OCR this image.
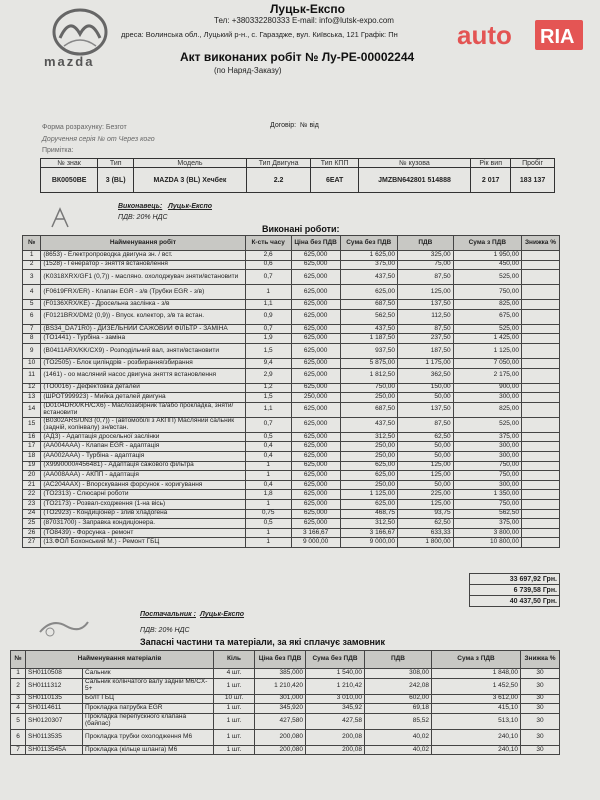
mazda
Луцьк-Експо
Тел: +380332280333 E-mail: info@lutsk-expo.com
дреса: Волинська обл., Луцький р-н., с. Гараздже, вул. Київська, 121 Графік: Пн auto RIA
Акт виконаних робіт № Лу-РЕ-00002244
(по Наряд-Заказу)
Форма розрахунку: Безгот	Договір: № від
Доручення серія № от Через кого
Примітка:
№ знак	Тип	Модель	Тип Двигуна	Тип КПП	№ кузова	Рік вип	Пробіг
ВК0050ВЕ	3 (BL)	MAZDA 3 (BL) Хечбек	2.2	6EAT	JMZBN642801 514888	2 017	183 137
Виконавець: Луцьк-Експо
ПДВ: 20% НДС
Виконані роботи:
№	Найменування робіт	К-сть часу	Ціна без ПДВ	Сума без ПДВ	ПДВ	Сума з ПДВ	Знижка %
1	(8653) - Електропроводка двигуна зн. / вст.	2,6	625,000	1 625,00	325,00	1 950,00	
2	(1528) - Генератор - зняття встановлення	0,6	625,000	375,00	75,00	450,00	
3	(K0318XRX/GF1 (0,7)) - масляно. охолоджувач зняти/встановити	0,7	625,000	437,50	87,50	525,00	
4	(F0619FRX/ER) - Клапан EGR - з/в (Трубки EGR - з/в)	1	625,000	625,00	125,00	750,00	
5	(F0136XRX/KE) - Дросельна заслінка - з/в	1,1	625,000	687,50	137,50	825,00	
6	(F0121BRX/DM2 (0,9)) - Впуск. колектор, з/в та встан.	0,9	625,000	562,50	112,50	675,00	
7	(BS34_DA71R0) - ДИЗЕЛЬНИЙ САЖОВИЙ ФІЛЬТР - ЗАМІНА	0,7	625,000	437,50	87,50	525,00	
8	(TO1441) - Турбіна - заміна	1,9	625,000	1 187,50	237,50	1 425,00	
9	(B0411ARX/KK/CX9) - Розподільчий вал, зняти/встановити	1,5	625,000	937,50	187,50	1 125,00	
10	(TO2505) - Блок циліндрів - розбирання/збирання	9,4	625,000	5 875,00	1 175,00	7 050,00	
11	(1461) - оо масляний насос двигуна зняття встановлення	2,9	625,000	1 812,50	362,50	2 175,00	
12	(TO0016) - Дефектовка деталей	1,2	625,000	750,00	150,00	900,00	
13	(ШРОТ999923) - Мийка деталей двигуна	1,5	250,000	250,00	50,00	300,00	
14	(D0104DRX/KH/CX6) - Маслозабірник та/або прокладка, зняти/встановити	1,1	625,000	687,50	137,50	825,00	
15	(B0302ARS/UN3 (0,7)) - (автомобілі з АКПП) Масляний сальник (задній, колінвалу) зн/встан.	0,7	625,000	437,50	87,50	525,00	
16	(АДЗ) - Адаптація дросельної заслінки	0,5	625,000	312,50	62,50	375,00	
17	(AA004AAA) - Клапан EGR - адаптація	0,4	625,000	250,00	50,00	300,00	
18	(AA002AAA) - Турбіна - адаптація	0,4	625,000	250,00	50,00	300,00	
19	(X9990000#456481) - Адаптація сажового фільтра	1	625,000	625,00	125,00	750,00	
20	(AA008AAA) - АКПП - адаптація	1	625,000	625,00	125,00	750,00	
21	(AC204AAX) - Впорскування форсунок - коригування	0,4	625,000	250,00	50,00	300,00	
22	(TO2313) - Слюсарні роботи	1,8	625,000	1 125,00	225,00	1 350,00	
23	(TO2173) - Розвал-сходження (1-на вісь)	1	625,000	625,00	125,00	750,00	
24	(TO2923) - Кондиціонер - злив хладогена	0,75	625,000	468,75	93,75	562,50	
25	(87031700) - Заправка кондиціонера.	0,5	625,000	312,50	62,50	375,00	
26	(TO8439) - Форсунка - ремонт	1	3 166,67	3 166,67	633,33	3 800,00	
27	(13.ФОЛ Бохонський М.) - Ремонт ГБЦ	1	9 000,00	9 000,00	1 800,00	10 800,00	
33 697,92 Грн.
6 739,58 Грн.
40 437,50 Грн.
Постачальник : Луцьк-Експо
ПДВ: 20% НДС
Запасні частини та матеріали, за які сплачує замовник
№	Найменування матеріалів		Кіль	Ціна без ПДВ	Сума без ПДВ	ПДВ	Сума з ПДВ	Знижка %
1	SH0110508	Сальник	4 шт.	385,000	1 540,00	308,00	1 848,00	30
2	SH0111312	Сальник колінчатого валу задній M6/CX-5+	1 шт.	1 210,420	1 210,42	242,08	1 452,50	30
3	SH0110135	Болт ГБЦ	10 шт.	301,000	3 010,00	602,00	3 612,00	30
4	SH0114611	Прокладка патрубка EGR	1 шт.	345,920	345,92	69,18	415,10	30
5	SH0120307	Прокладка перепускного клапана (байпас)	1 шт.	427,580	427,58	85,52	513,10	30
6	SH0113535	Прокладка трубки охолодження M6	1 шт.	200,080	200,08	40,02	240,10	30
7	SH0113545A	Прокладка (кільце шланга) M6	1 шт.	200,080	200,08	40,02	240,10	30
